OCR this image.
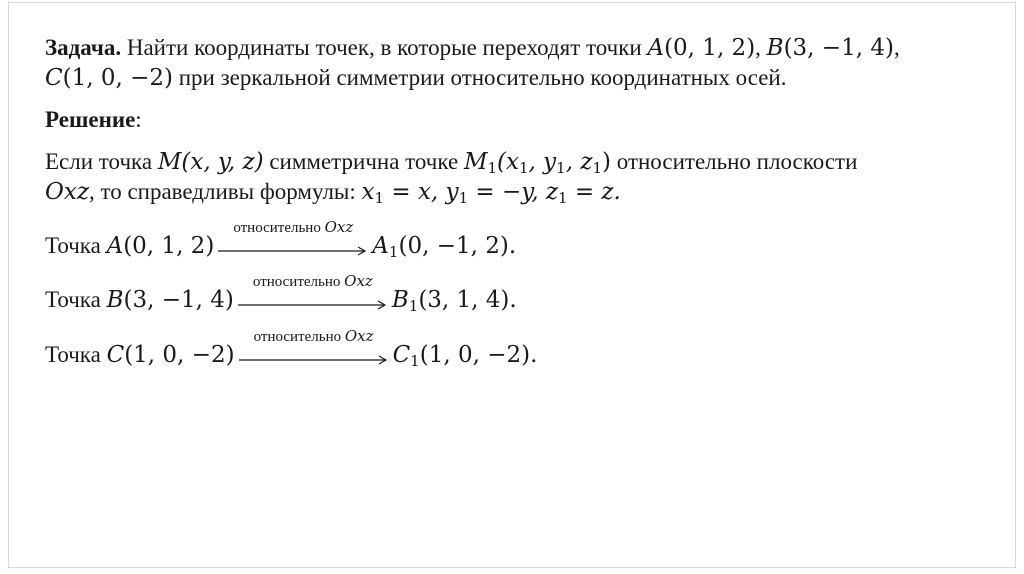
Задача. Найти координаты точек, в которые переходят точки A(0, 1, 2), B(3, −1, 4),
C(1, 0, −2) при зеркальной симметрии относительно координатных осей.
Решение:
Если точка M(x, y, z) симметрична точке $M_1(x_1$, $y_1$, $z_1$) относительно плоскости
Oxz, то справедливы формулы: $x_1 = x$, $y_1 = -y$, $z_1 = z$.
Точка A(0, 1, 2)
относительно Oxz
$A_1(0$, −1, 2).
Точка B(3, −1, 4)
относительно Oxz
$B_1(3$, 1, 4).
Точка C(1, 0, −2)
относительно Oxz
$C_1(1$, 0, −2).
